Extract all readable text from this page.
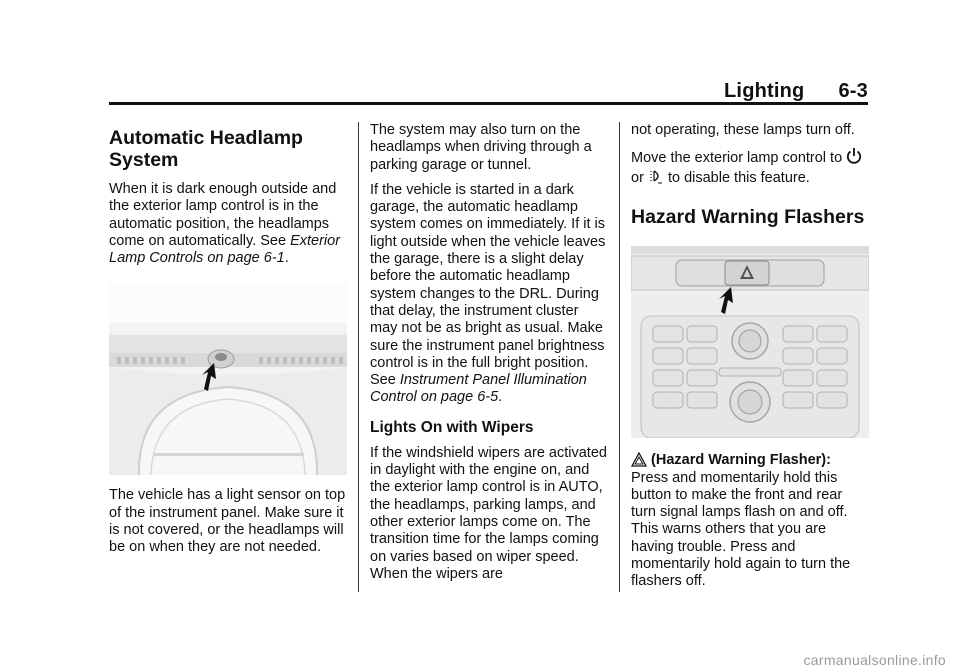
Lighting 6-3
Automatic Headlamp System

When it is dark enough outside and the exterior lamp control is in the automatic position, the headlamps come on automatically. See Exterior Lamp Controls on page 6-1.

The vehicle has a light sensor on top of the instrument panel. Make sure it is not covered, or the headlamps will be on when they are not needed.

The system may also turn on the headlamps when driving through a parking garage or tunnel.

If the vehicle is started in a dark garage, the automatic headlamp system comes on immediately. If it is light outside when the vehicle leaves the garage, there is a slight delay before the automatic headlamp system changes to the DRL. During that delay, the instrument cluster may not be as bright as usual. Make sure the instrument panel brightness control is in the full bright position. See Instrument Panel Illumination Control on page 6-5.

Lights On with Wipers

If the windshield wipers are activated in daylight with the engine on, and the exterior lamp control is in AUTO, the headlamps, parking lamps, and other exterior lamps come on. The transition time for the lamps coming on varies based on wiper speed. When the wipers are

not operating, these lamps turn off.

Move the exterior lamp control to
or  to disable this feature.

Hazard Warning Flashers

(Hazard Warning Flasher):
Press and momentarily hold this button to make the front and rear turn signal lamps flash on and off. This warns others that you are having trouble. Press and momentarily hold again to turn the flashers off.

carmanualsonline.info
